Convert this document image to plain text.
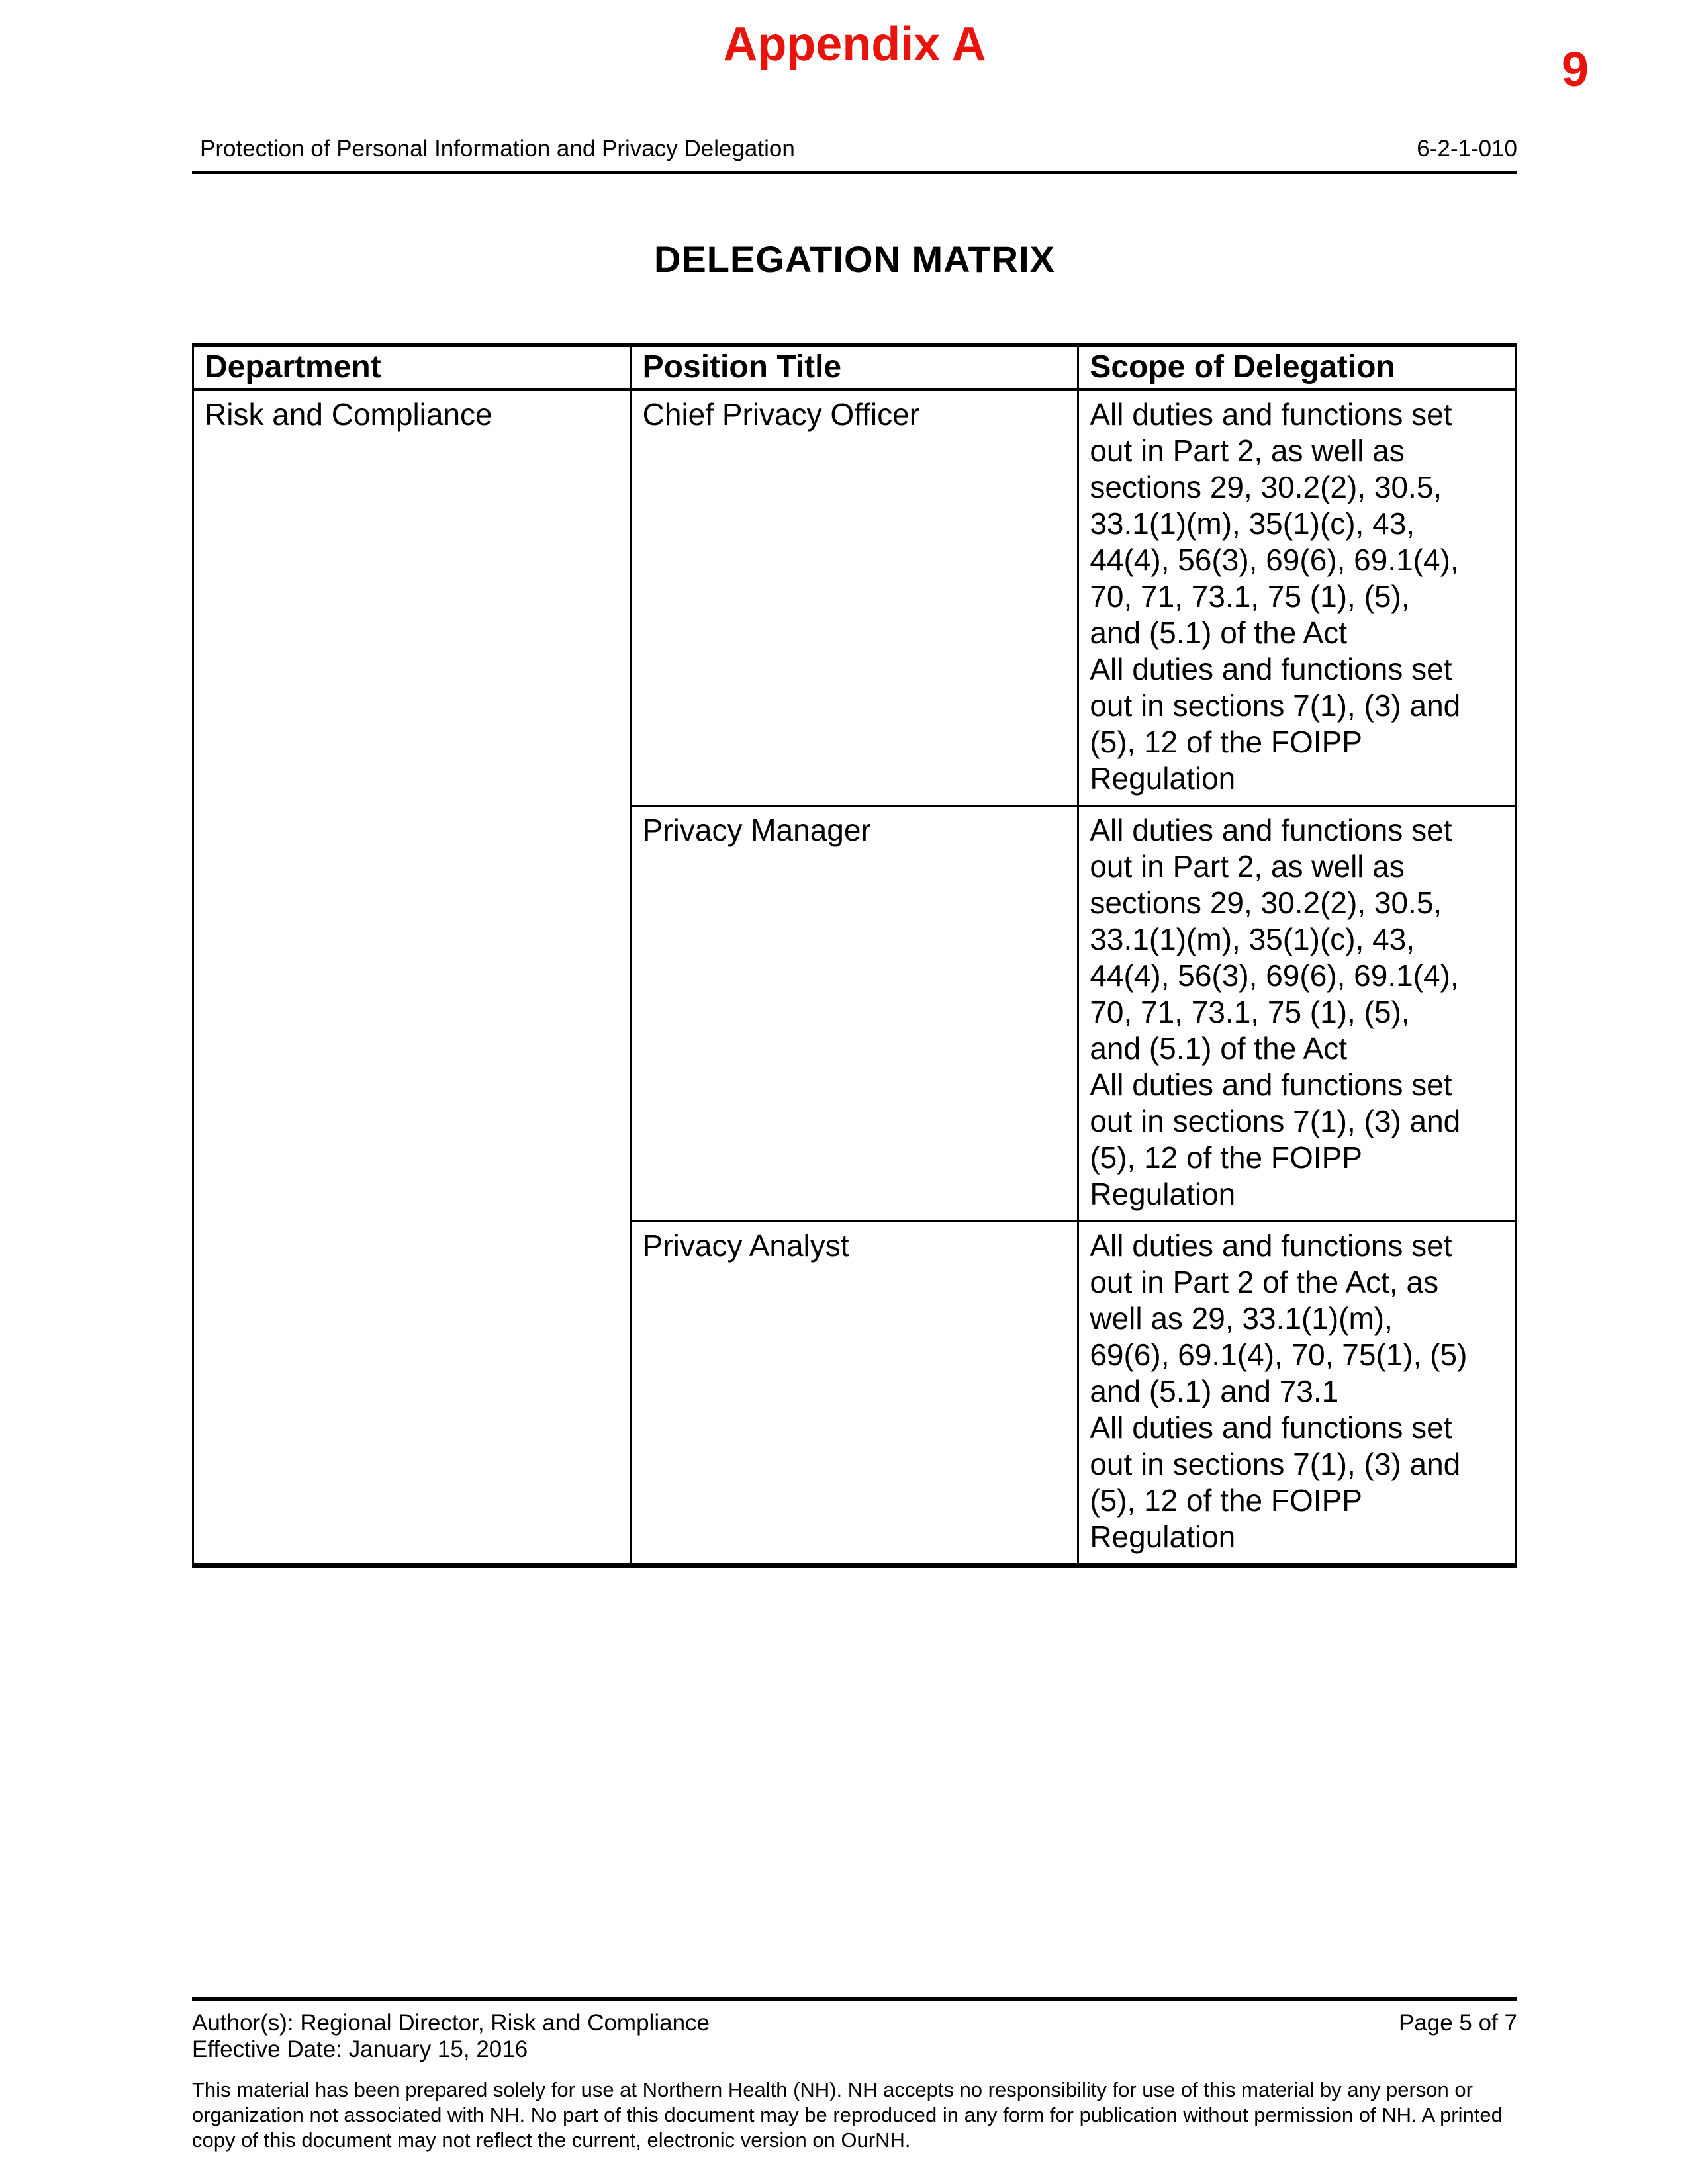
9
Appendix A
Protection of Personal Information and Privacy Delegation	6-2-1-010
DELEGATION MATRIX
Department	Position Title	Scope of Delegation

Risk and Compliance	Chief Privacy Officer	All duties and functions set
out in Part 2, as well as
sections 29, 30.2(2), 30.5,
33.1(1)(m), 35(1)(c), 43,
44(4), 56(3), 69(6), 69.1(4),
70, 71, 73.1, 75 (1), (5),
and (5.1) of the Act
All duties and functions set
out in sections 7(1), (3) and
(5), 12 of the FOIPP
Regulation

Privacy Manager	All duties and functions set
out in Part 2, as well as
sections 29, 30.2(2), 30.5,
33.1(1)(m), 35(1)(c), 43,
44(4), 56(3), 69(6), 69.1(4),
70, 71, 73.1, 75 (1), (5),
and (5.1) of the Act
All duties and functions set
out in sections 7(1), (3) and
(5), 12 of the FOIPP
Regulation

Privacy Analyst	All duties and functions set
out in Part 2 of the Act, as
well as 29, 33.1(1)(m),
69(6), 69.1(4), 70, 75(1), (5)
and (5.1) and 73.1
All duties and functions set
out in sections 7(1), (3) and
(5), 12 of the FOIPP
Regulation
Author(s): Regional Director, Risk and Compliance	Page 5 of 7
Effective Date: January 15, 2016

This material has been prepared solely for use at Northern Health (NH). NH accepts no responsibility for use of this material by any person or organization not associated with NH. No part of this document may be reproduced in any form for publication without permission of NH. A printed copy of this document may not reflect the current, electronic version on OurNH.
